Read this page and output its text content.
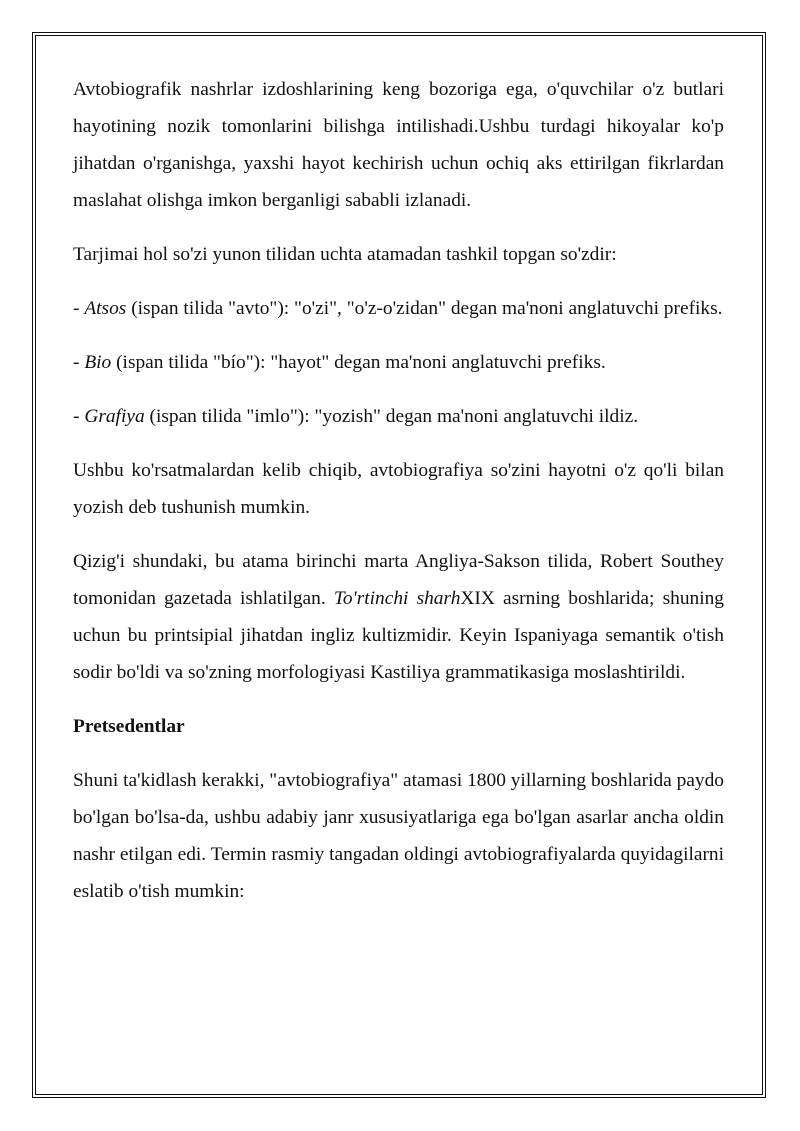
Avtobiografik nashrlar izdoshlarining keng bozoriga ega, o'quvchilar o'z butlari hayotining nozik tomonlarini bilishga intilishadi.Ushbu turdagi hikoyalar ko'p jihatdan o'rganishga, yaxshi hayot kechirish uchun ochiq aks ettirilgan fikrlardan maslahat olishga imkon berganligi sababli izlanadi.

Tarjimai hol so'zi yunon tilidan uchta atamadan tashkil topgan so'zdir:

- Atsos (ispan tilida "avto"): "o'zi", "o'z-o'zidan" degan ma'noni anglatuvchi prefiks.

- Bio (ispan tilida "bío"): "hayot" degan ma'noni anglatuvchi prefiks.

- Grafiya (ispan tilida "imlo"): "yozish" degan ma'noni anglatuvchi ildiz.

Ushbu ko'rsatmalardan kelib chiqib, avtobiografiya so'zini hayotni o'z qo'li bilan yozish deb tushunish mumkin.

Qizig'i shundaki, bu atama birinchi marta Angliya-Sakson tilida, Robert Southey tomonidan gazetada ishlatilgan. To'rtinchi sharhXIX asrning boshlarida; shuning uchun bu printsipial jihatdan ingliz kultizmidir. Keyin Ispaniyaga semantik o'tish sodir bo'ldi va so'zning morfologiyasi Kastiliya grammatikasiga moslashtirildi.

Pretsedentlar

Shuni ta'kidlash kerakki, "avtobiografiya" atamasi 1800 yillarning boshlarida paydo bo'lgan bo'lsa-da, ushbu adabiy janr xususiyatlariga ega bo'lgan asarlar ancha oldin nashr etilgan edi. Termin rasmiy tangadan oldingi avtobiografiyalarda quyidagilarni eslatib o'tish mumkin:
